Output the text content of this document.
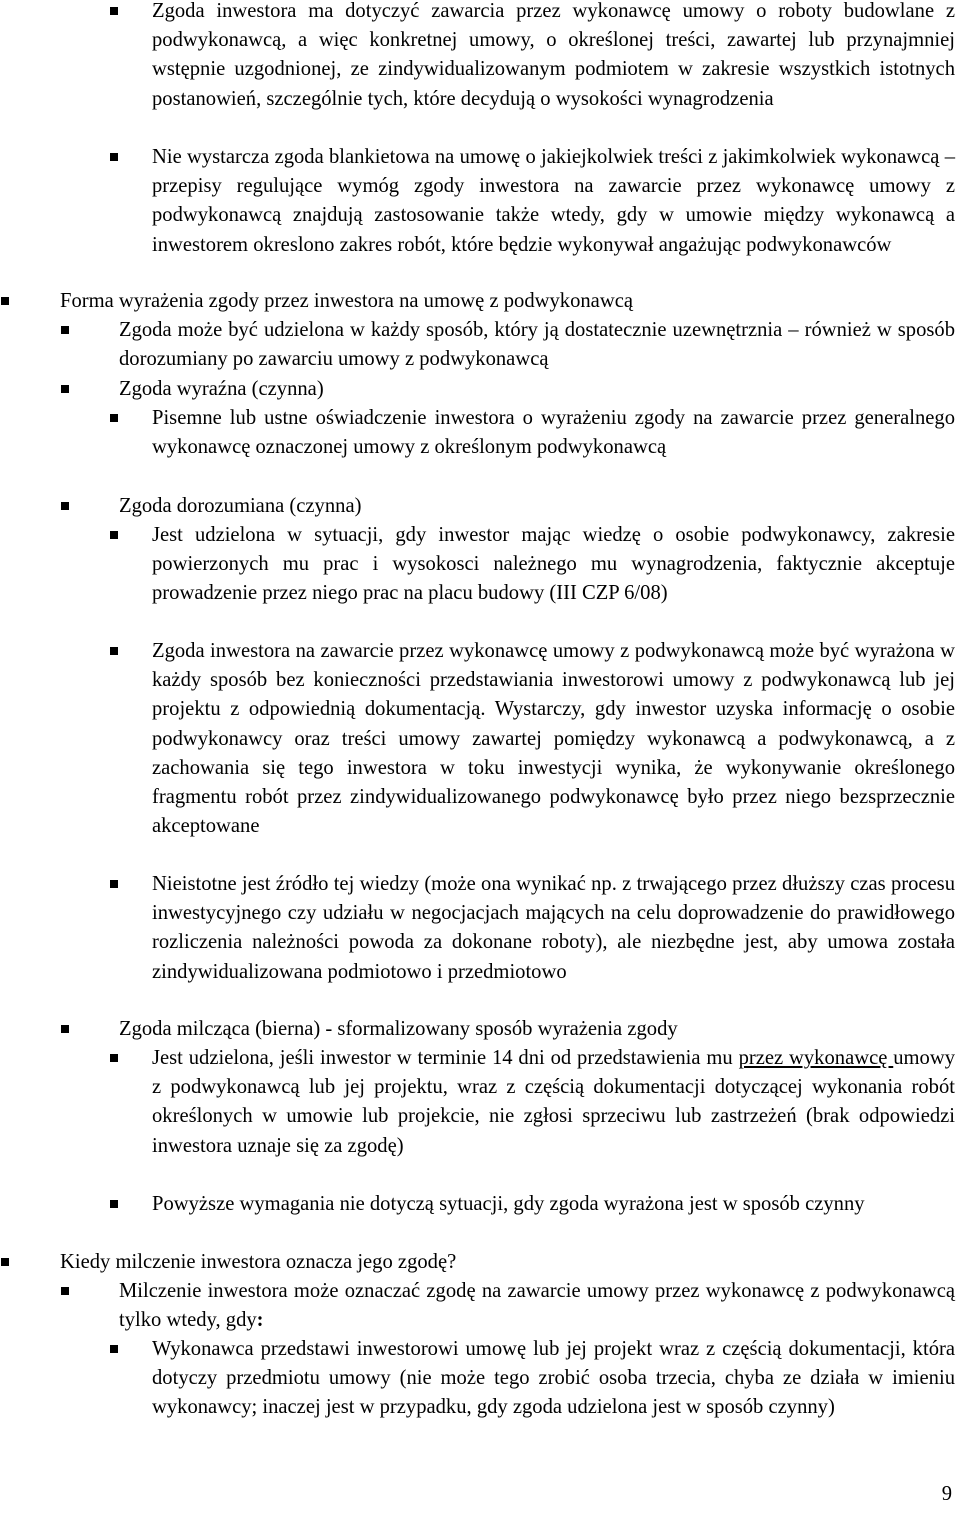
Zgoda inwestora ma dotyczyć zawarcia przez wykonawcę umowy o roboty budowlane z podwykonawcą, a więc konkretnej umowy, o określonej treści, zawartej lub przynajmniej wstępnie uzgodnionej, ze zindywidualizowanym podmiotem w zakresie wszystkich istotnych postanowień, szczególnie tych, które decydują o wysokości wynagrodzenia
Nie wystarcza zgoda blankietowa na umowę o jakiejkolwiek treści z jakimkolwiek wykonawcą – przepisy regulujące wymóg zgody inwestora na zawarcie przez wykonawcę umowy z podwykonawcą znajdują zastosowanie także wtedy, gdy w umowie między wykonawcą a inwestorem okreslono zakres robót, które będzie wykonywał angażując podwykonawców
Forma wyrażenia zgody przez inwestora na umowę z podwykonawcą
Zgoda może być udzielona w każdy sposób, który ją dostatecznie uzewnętrznia – również w sposób dorozumiany po zawarciu umowy z podwykonawcą
Zgoda wyraźna (czynna)
Pisemne lub ustne oświadczenie inwestora o wyrażeniu zgody na zawarcie przez generalnego wykonawcę oznaczonej umowy z określonym podwykonawcą
Zgoda dorozumiana (czynna)
Jest udzielona w sytuacji, gdy inwestor mając wiedzę o osobie podwykonawcy, zakresie powierzonych mu prac i wysokosci należnego mu wynagrodzenia, faktycznie akceptuje prowadzenie przez niego prac na placu budowy (III CZP 6/08)
Zgoda inwestora na zawarcie przez wykonawcę umowy z podwykonawcą może być wyrażona w każdy sposób bez konieczności przedstawiania inwestorowi umowy z podwykonawcą lub jej projektu z odpowiednią dokumentacją. Wystarczy, gdy inwestor uzyska informację o osobie podwykonawcy oraz treści umowy zawartej pomiędzy wykonawcą a podwykonawcą, a z zachowania się tego inwestora w toku inwestycji wynika, że wykonywanie określonego fragmentu robót przez zindywidualizowanego podwykonawcę było przez niego bezsprzecznie akceptowane
Nieistotne jest źródło tej wiedzy (może ona wynikać np. z trwającego przez dłuższy czas procesu inwestycyjnego czy udziału w negocjacjach mających na celu doprowadzenie do prawidłowego rozliczenia należności powoda za dokonane roboty), ale niezbędne jest, aby umowa została zindywidualizowana podmiotowo i przedmiotowo
Zgoda milcząca (bierna) - sformalizowany sposób wyrażenia zgody
Jest udzielona, jeśli inwestor w terminie 14 dni od przedstawienia mu przez wykonawcę umowy z podwykonawcą lub jej projektu, wraz z częścią dokumentacji dotyczącej wykonania robót określonych w umowie lub projekcie, nie zgłosi sprzeciwu lub zastrzeżeń (brak odpowiedzi inwestora uznaje się za zgodę)
Powyższe wymagania nie dotyczą sytuacji, gdy zgoda wyrażona jest w sposób czynny
Kiedy milczenie inwestora oznacza jego zgodę?
Milczenie inwestora może oznaczać zgodę na zawarcie umowy przez wykonawcę z podwykonawcą tylko wtedy, gdy:
Wykonawca przedstawi inwestorowi umowę lub jej projekt wraz z częścią dokumentacji, która dotyczy przedmiotu umowy (nie może tego zrobić osoba trzecia, chyba ze działa w imieniu wykonawcy; inaczej jest w przypadku, gdy zgoda udzielona jest w sposób czynny)
9
